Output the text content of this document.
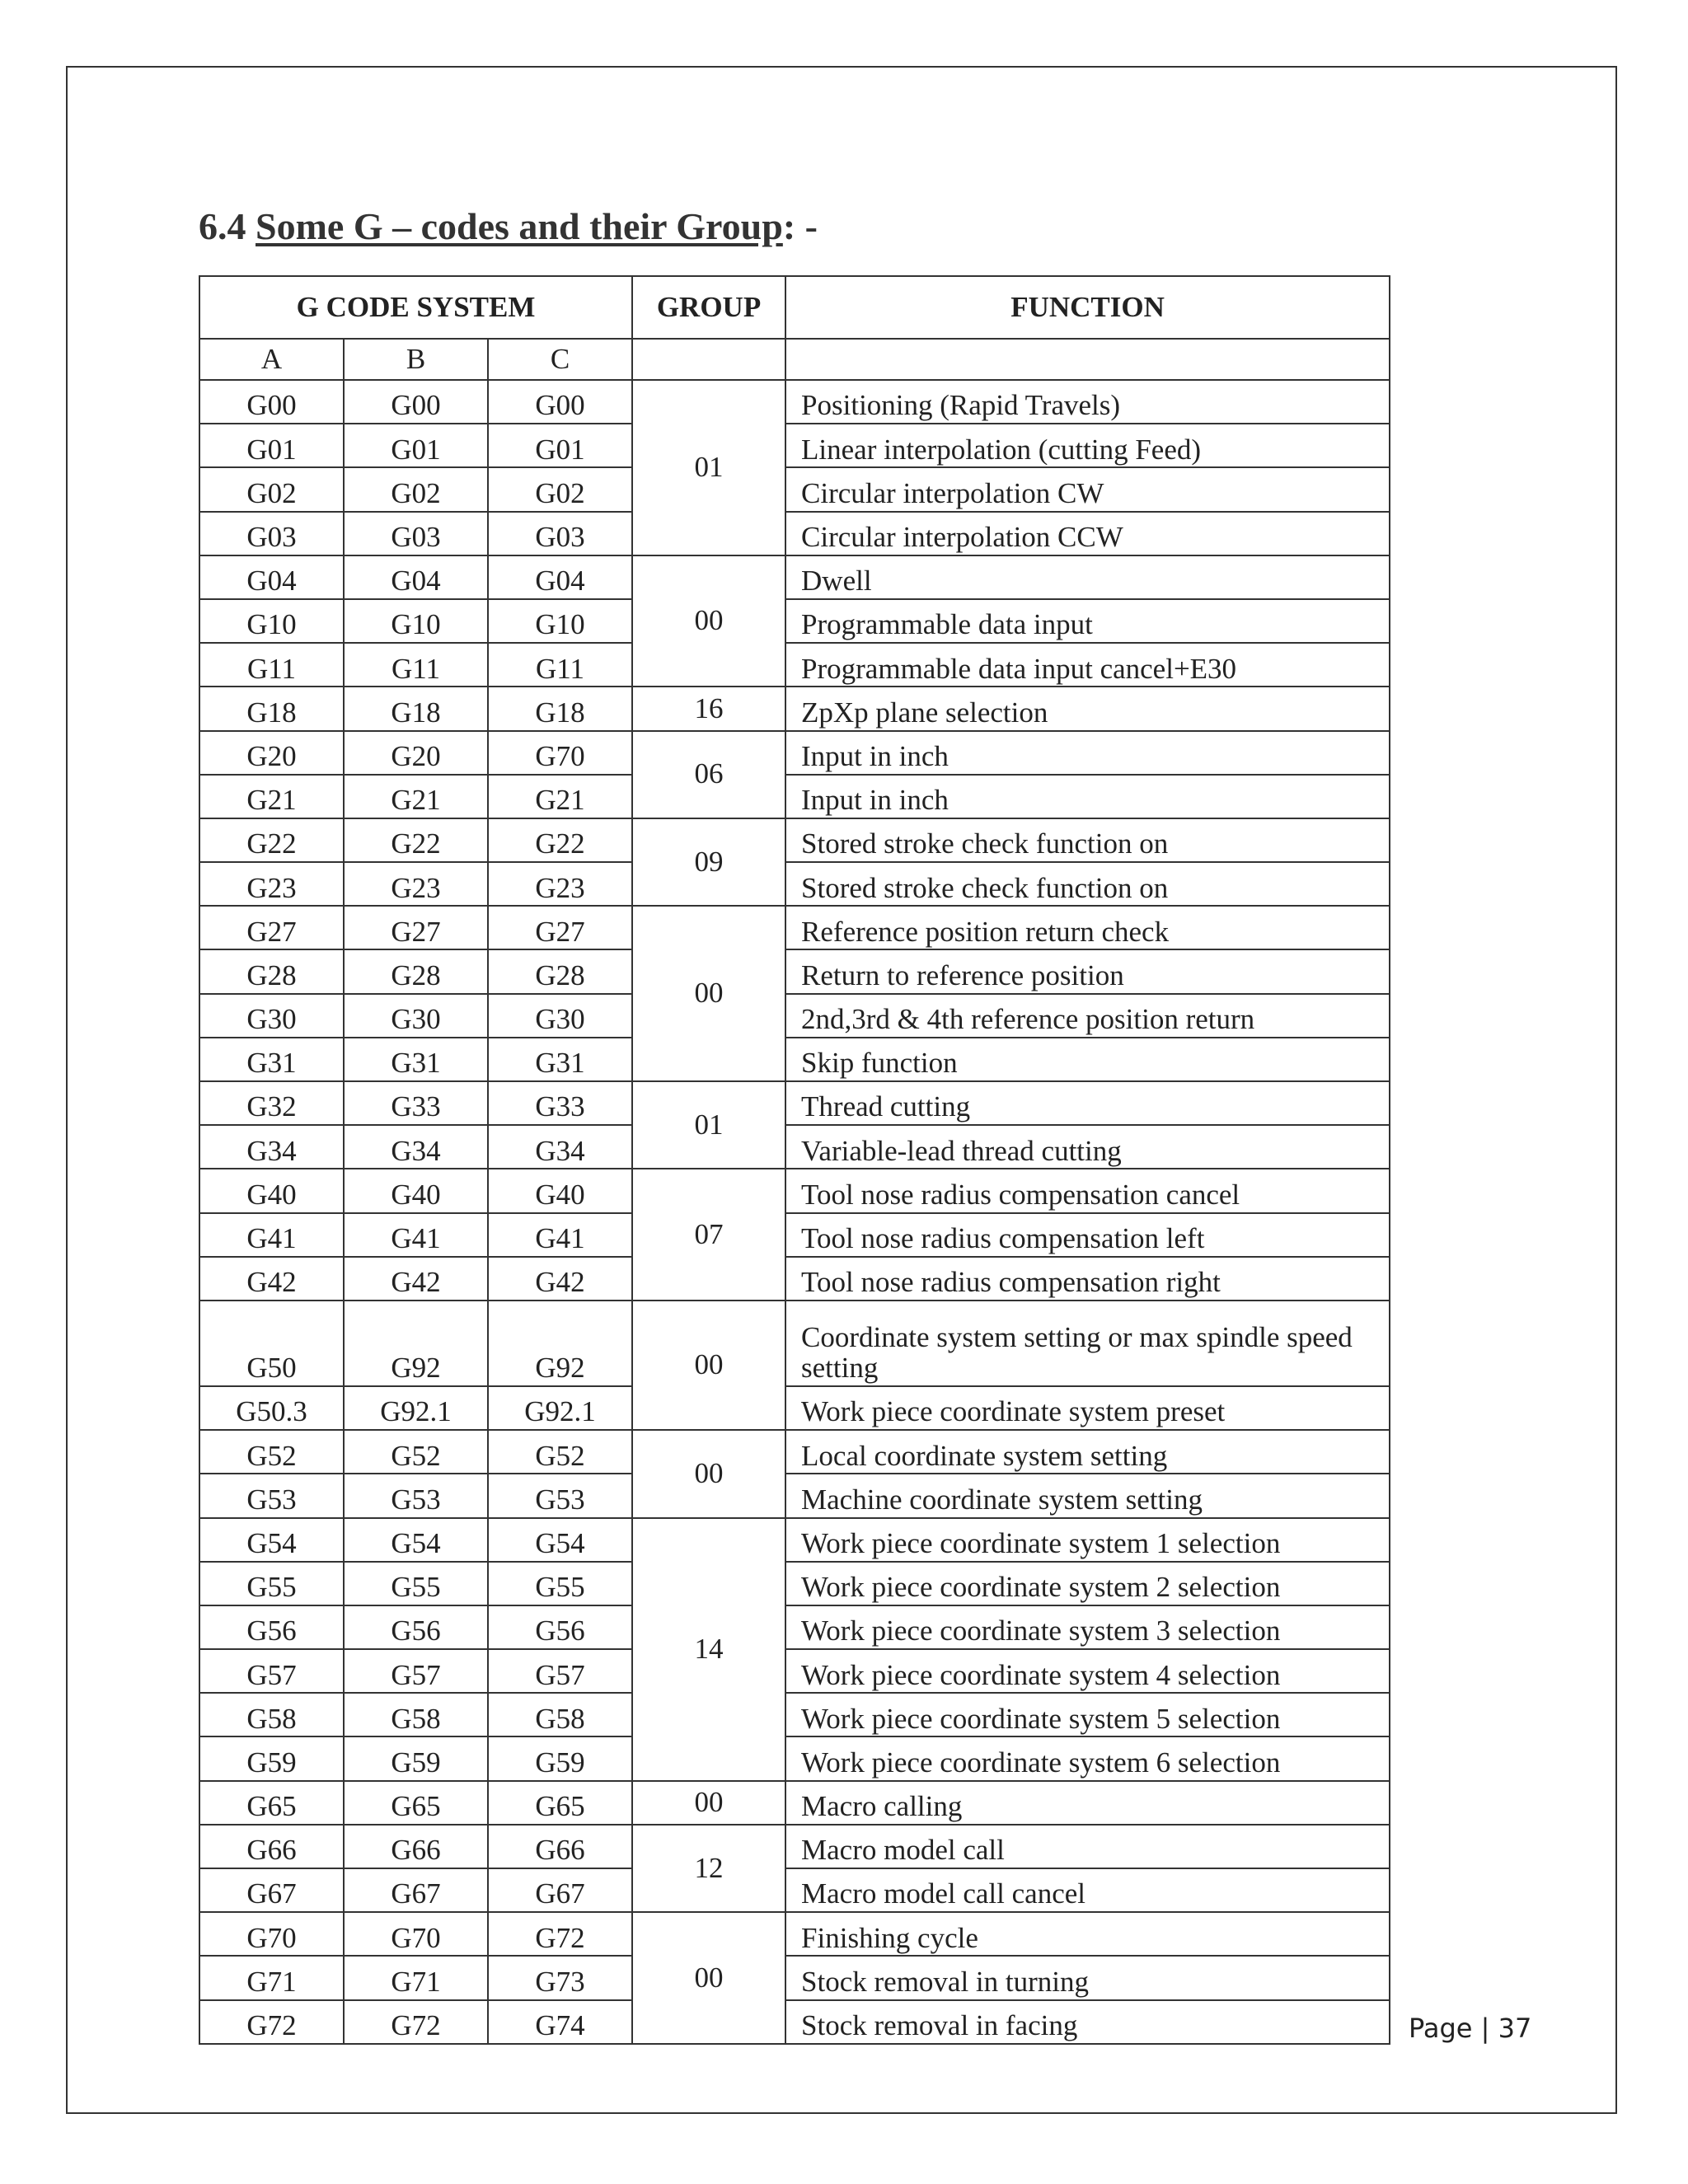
6.4 Some G – codes and their Group: -
G CODE SYSTEM			GROUP	FUNCTION
A	B	C		
G00	G00	G00	01	Positioning (Rapid Travels)
G01	G01	G01		Linear interpolation (cutting Feed)
G02	G02	G02		Circular interpolation CW
G03	G03	G03		Circular interpolation CCW
G04	G04	G04	00	Dwell
G10	G10	G10		Programmable data input
G11	G11	G11		Programmable data input cancel+E30
G18	G18	G18	16	ZpXp plane selection
G20	G20	G70	06	Input in inch
G21	G21	G21		Input in inch
G22	G22	G22	09	Stored stroke check function on
G23	G23	G23		Stored stroke check function on
G27	G27	G27	00	Reference position return check
G28	G28	G28		Return to reference position
G30	G30	G30		2nd,3rd & 4th reference position return
G31	G31	G31		Skip function
G32	G33	G33	01	Thread cutting
G34	G34	G34		Variable-lead thread cutting
G40	G40	G40	07	Tool nose radius compensation cancel
G41	G41	G41		Tool nose radius compensation left
G42	G42	G42		Tool nose radius compensation right
G50	G92	G92	00	Coordinate system setting or max spindle speed setting
G50.3	G92.1	G92.1		Work piece coordinate system preset
G52	G52	G52	00	Local coordinate system setting
G53	G53	G53		Machine coordinate system setting
G54	G54	G54	14	Work piece coordinate system 1 selection
G55	G55	G55		Work piece coordinate system 2 selection
G56	G56	G56		Work piece coordinate system 3 selection
G57	G57	G57		Work piece coordinate system 4 selection
G58	G58	G58		Work piece coordinate system 5 selection
G59	G59	G59		Work piece coordinate system 6 selection
G65	G65	G65	00	Macro calling
G66	G66	G66	12	Macro model call
G67	G67	G67		Macro model call cancel
G70	G70	G72	00	Finishing cycle
G71	G71	G73		Stock removal in turning
G72	G72	G74		Stock removal in facing	Page | 37
